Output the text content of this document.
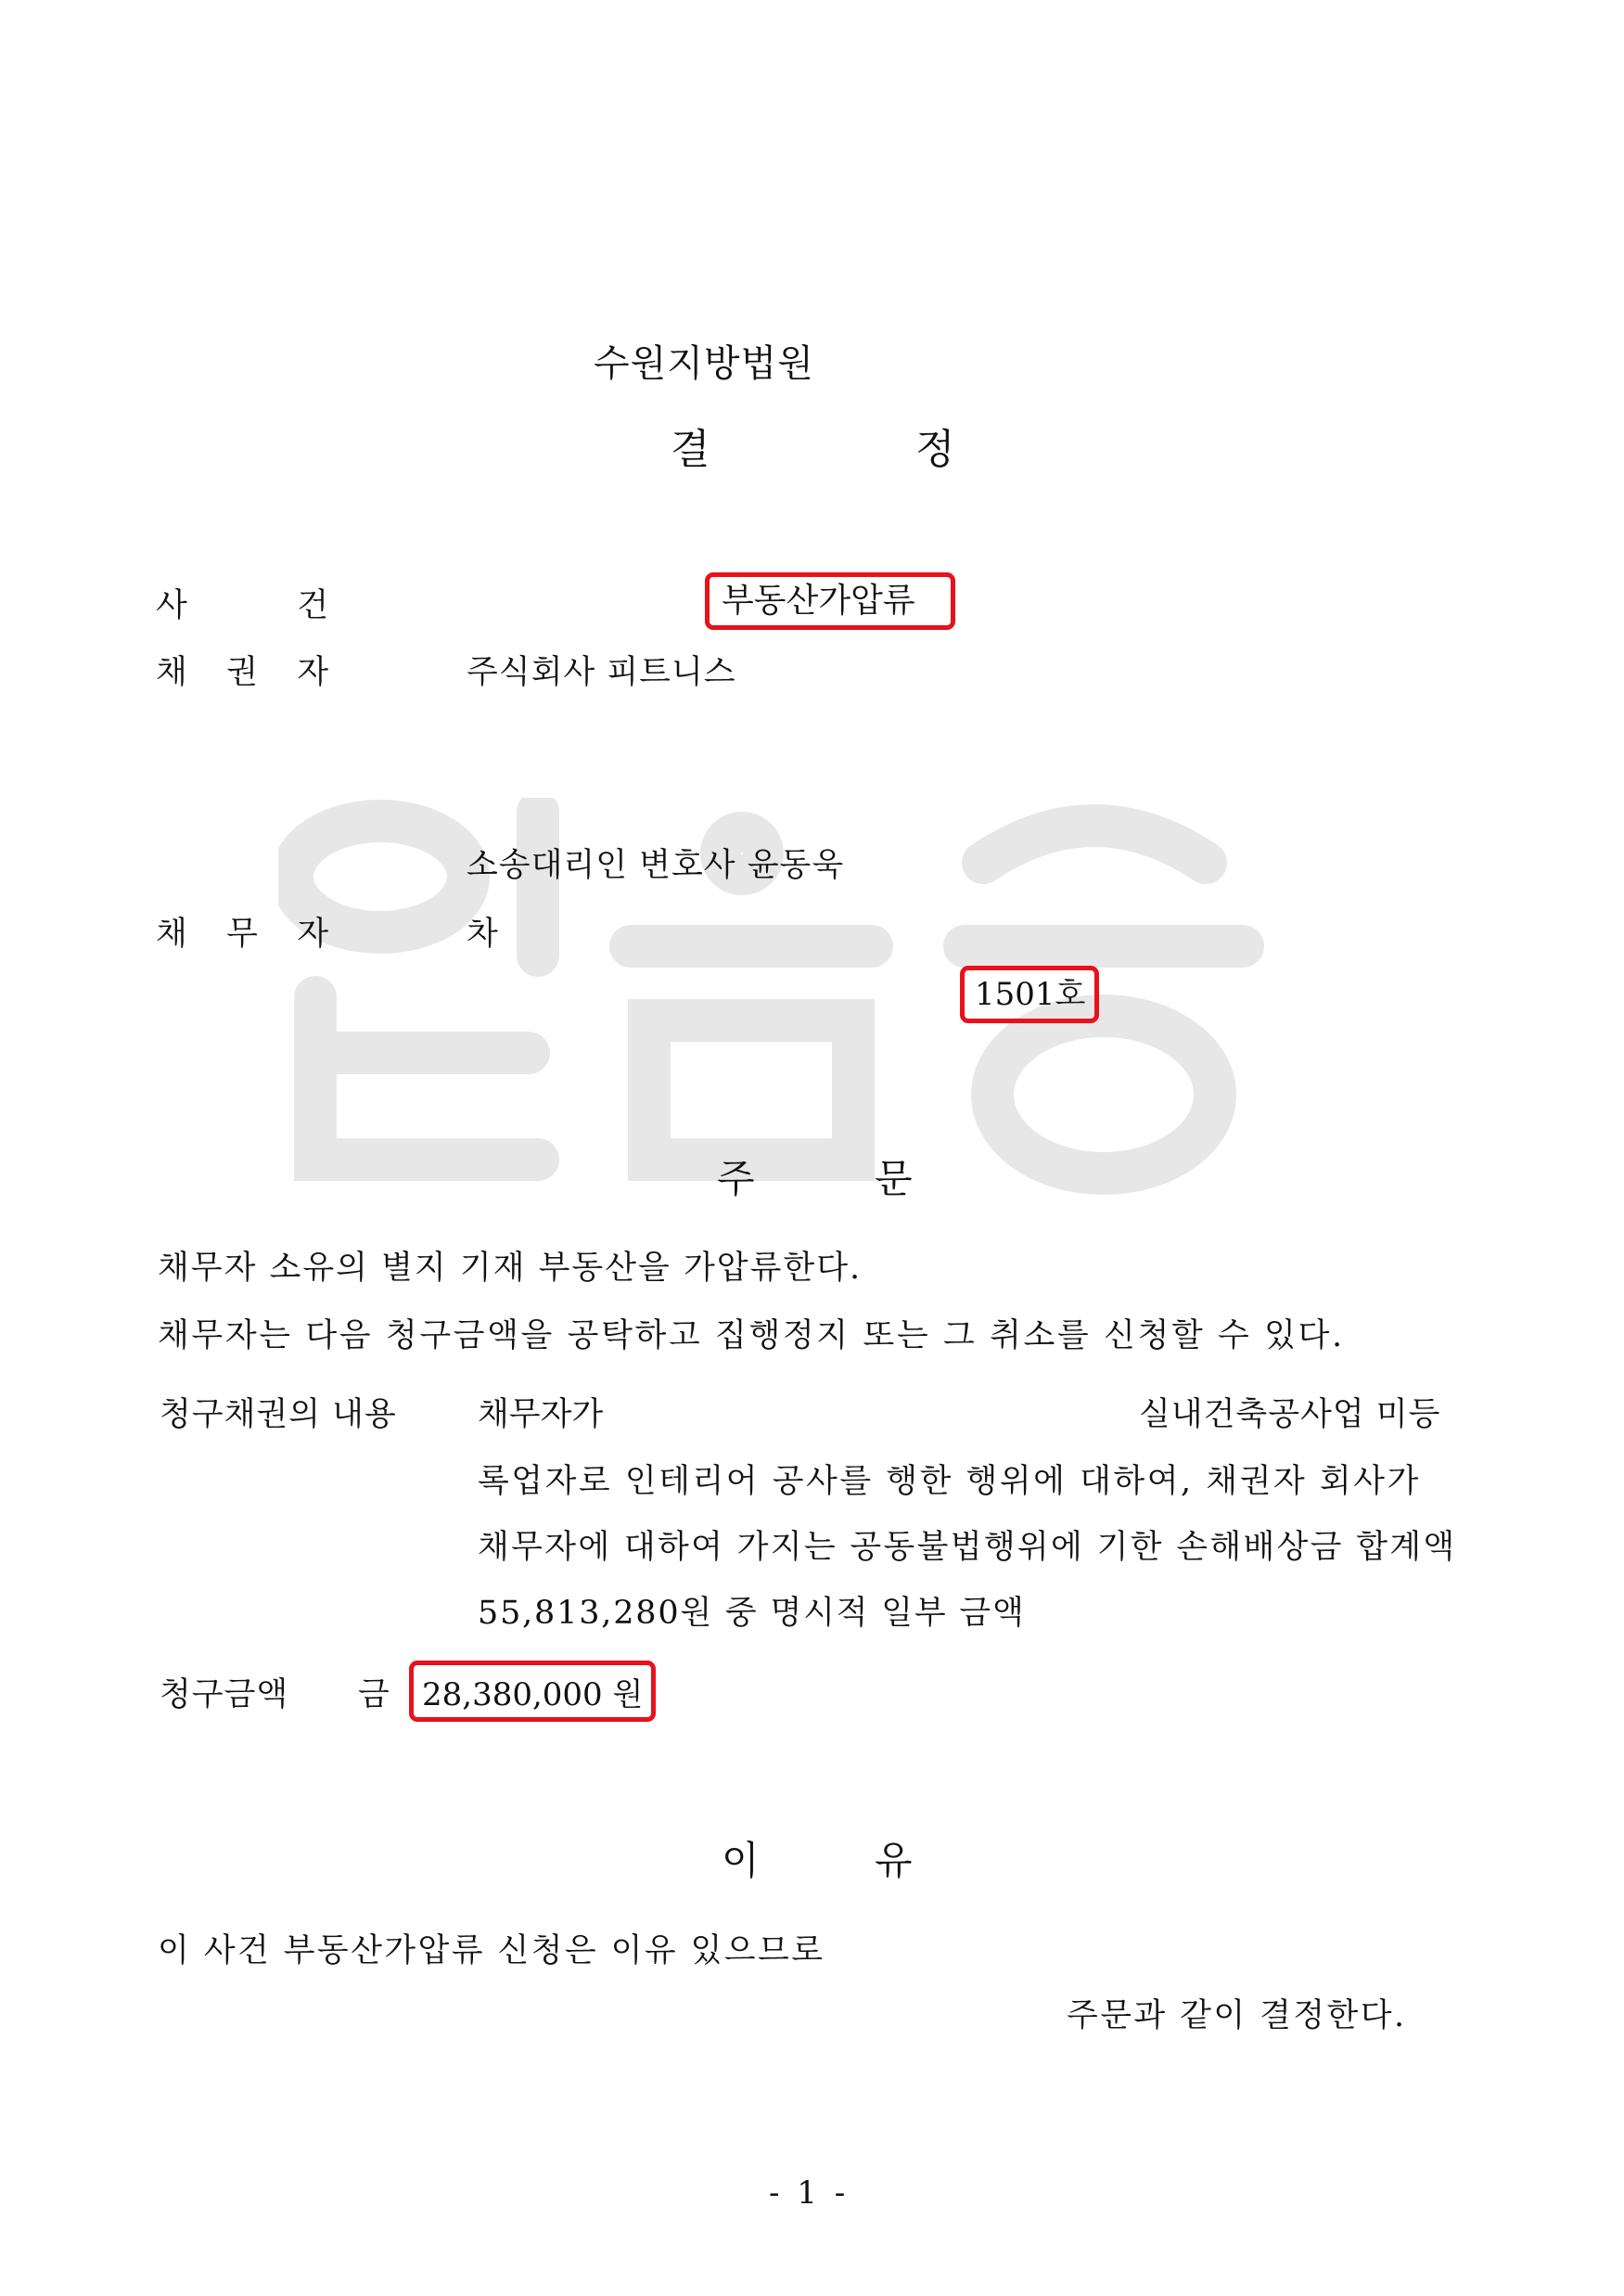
수원지방법원
결	정
사	건	부동산가압류
채 권 자	주식회사 피트니스
소송대리인 변호사 윤동욱
채 무 자	차
1501호
주	문
채무자 소유의 별지 기재 부동산을 가압류한다.
채무자는 다음 청구금액을 공탁하고 집행정지 또는 그 취소를 신청할 수 있다.
청구채권의 내용 채무자가	실내건축공사업 미등
록업자로 인테리어 공사를 행한 행위에 대하여, 채권자 회사가
채무자에 대하여 가지는 공동불법행위에 기한 손해배상금 합계액
55,813,280원 중 명시적 일부 금액
청구금액 금 28,380,000 원
이	유
이 사건 부동산가압류 신청은 이유 있으므로
주문과 같이 결정한다.
- 1 -
